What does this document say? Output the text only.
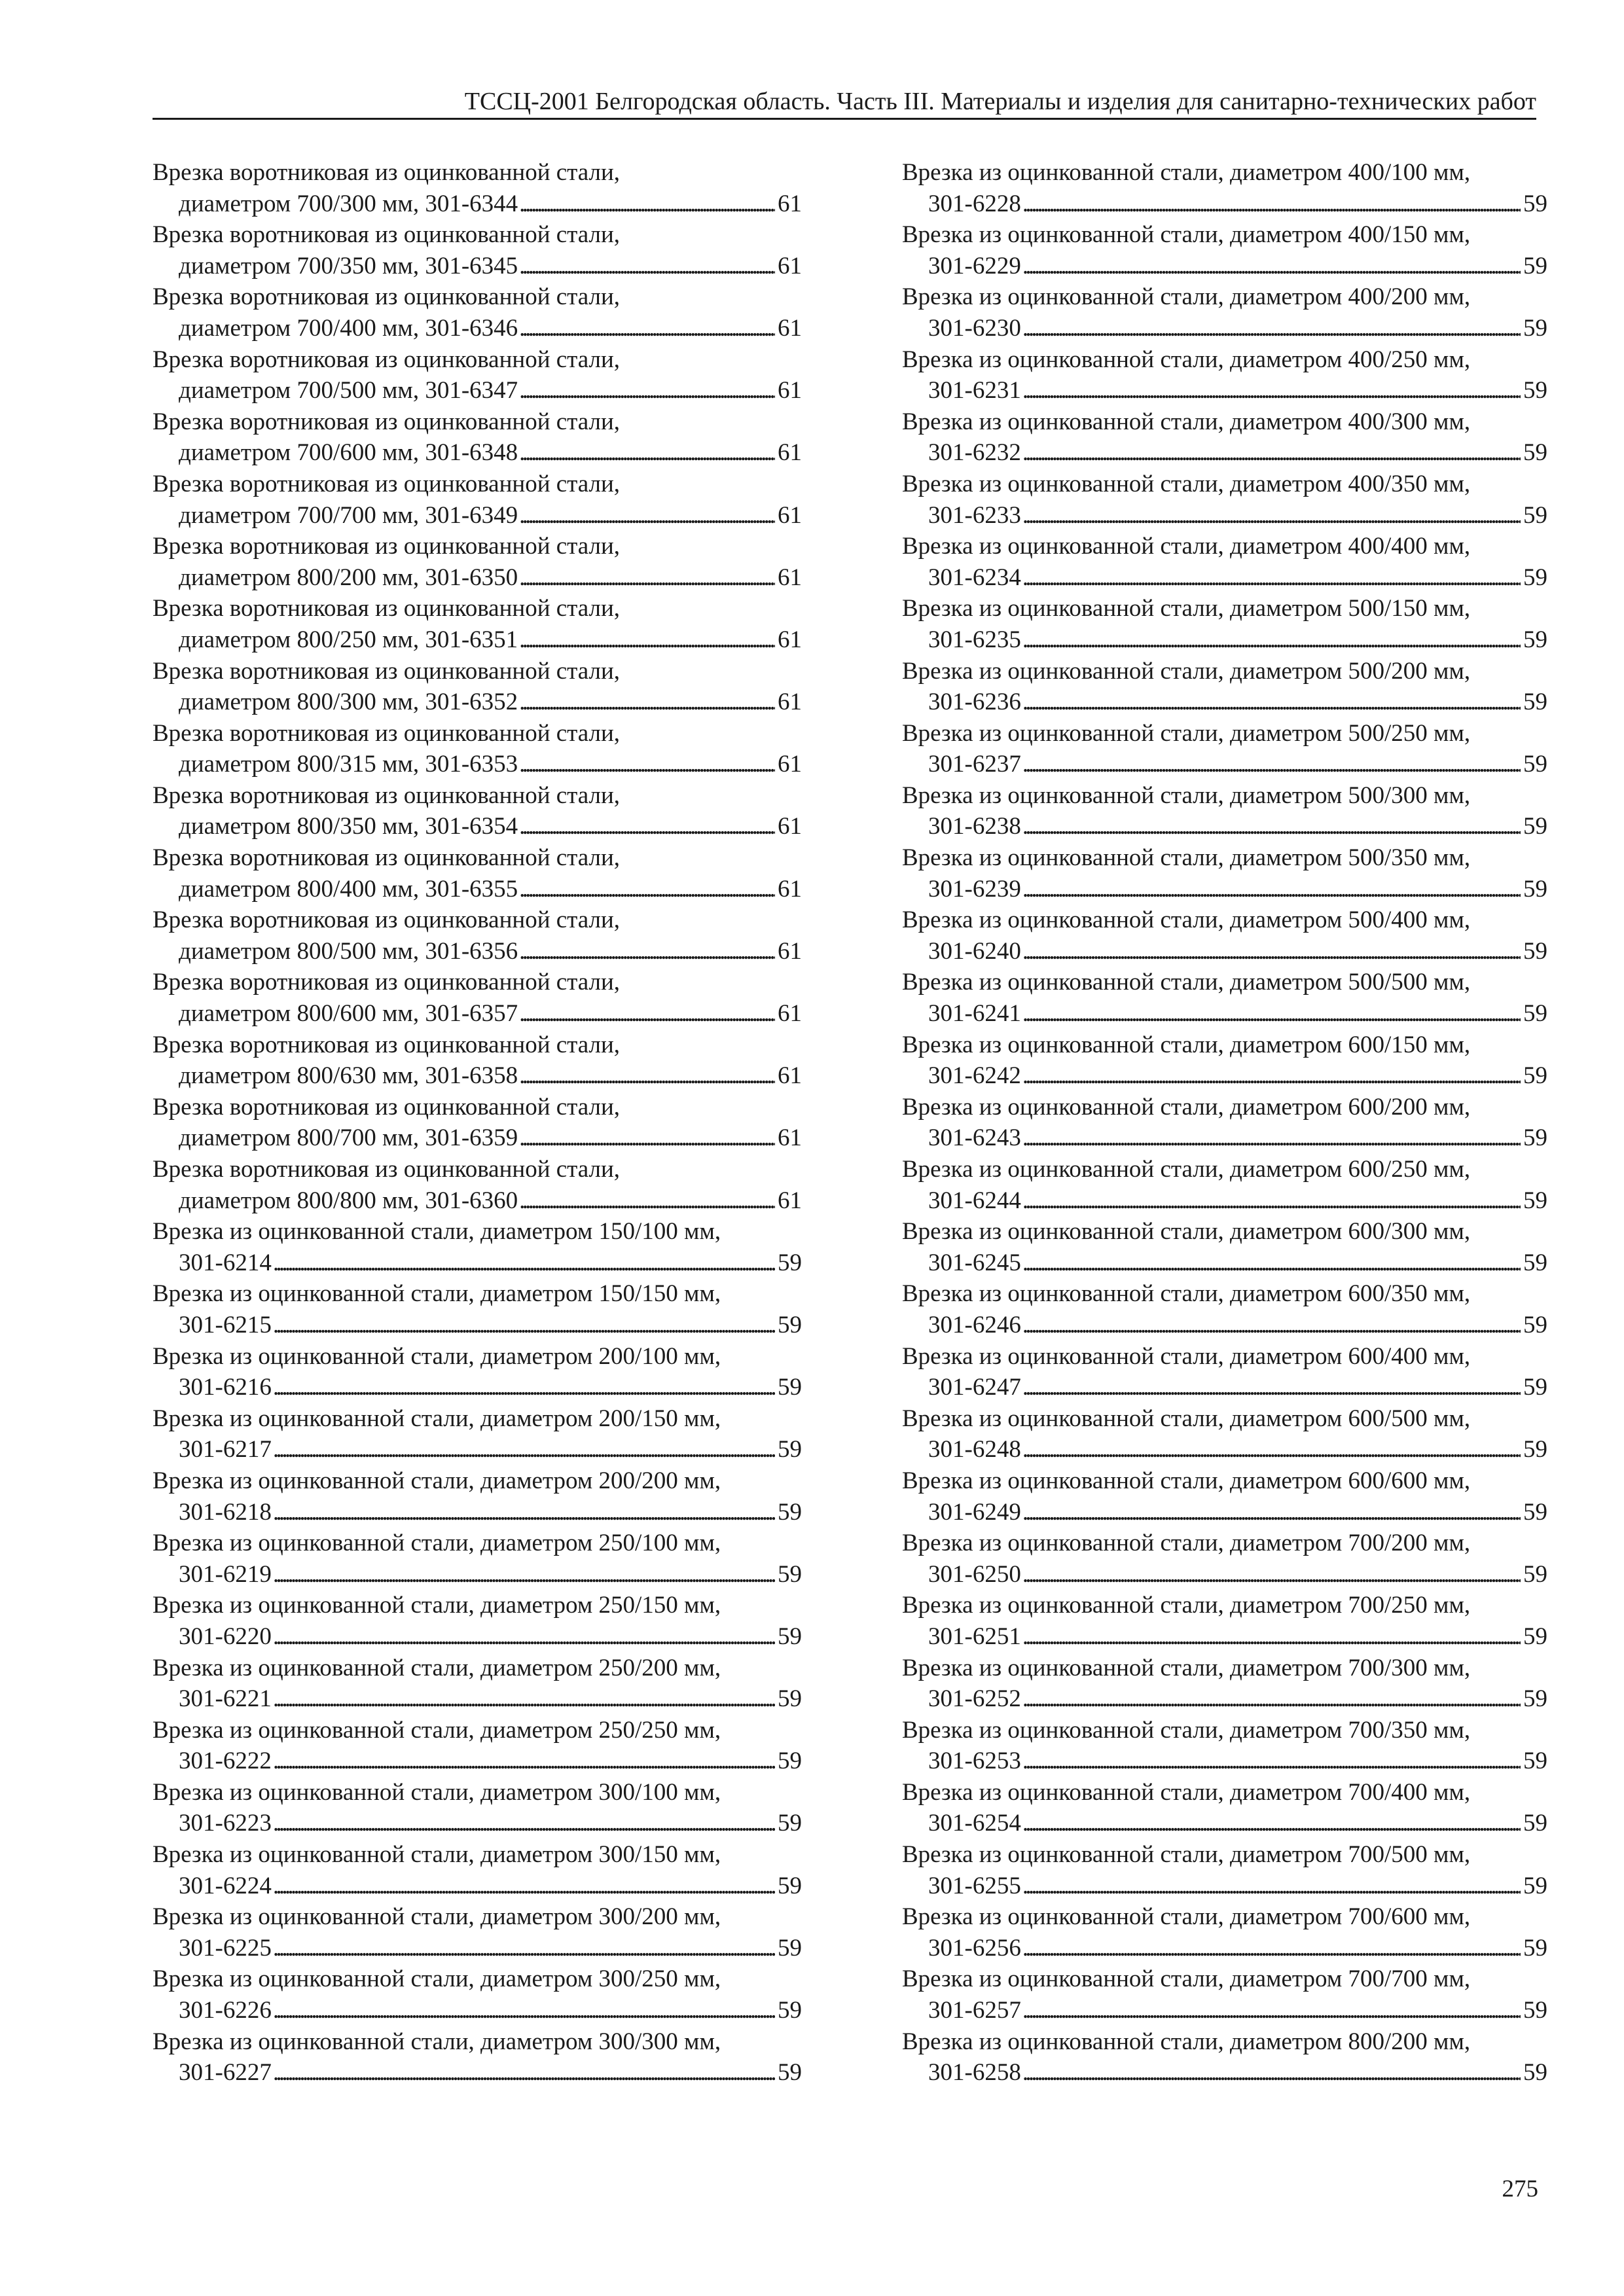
ТССЦ-2001 Белгородская область. Часть III. Материалы и изделия для санитарно-технических работ
Врезка воротниковая из оцинкованной стали,
диаметром 700/300 мм, 301-6344 . . .	61
Врезка воротниковая из оцинкованной стали,
диаметром 700/350 мм, 301-6345 . . .	61
Врезка воротниковая из оцинкованной стали,
диаметром 700/400 мм, 301-6346 . . .	61
Врезка воротниковая из оцинкованной стали,
диаметром 700/500 мм, 301-6347 . . .	61
Врезка воротниковая из оцинкованной стали,
диаметром 700/600 мм, 301-6348 . . .	61
Врезка воротниковая из оцинкованной стали,
диаметром 700/700 мм, 301-6349 . . .	61
Врезка воротниковая из оцинкованной стали,
диаметром 800/200 мм, 301-6350 . . .	61
Врезка воротниковая из оцинкованной стали,
диаметром 800/250 мм, 301-6351 . . .	61
Врезка воротниковая из оцинкованной стали,
диаметром 800/300 мм, 301-6352 . . .	61
Врезка воротниковая из оцинкованной стали,
диаметром 800/315 мм, 301-6353 . . .	61
Врезка воротниковая из оцинкованной стали,
диаметром 800/350 мм, 301-6354 . . .	61
Врезка воротниковая из оцинкованной стали,
диаметром 800/400 мм, 301-6355 . . .	61
Врезка воротниковая из оцинкованной стали,
диаметром 800/500 мм, 301-6356 . . .	61
Врезка воротниковая из оцинкованной стали,
диаметром 800/600 мм, 301-6357 . . .	61
Врезка воротниковая из оцинкованной стали,
диаметром 800/630 мм, 301-6358 . . .	61
Врезка воротниковая из оцинкованной стали,
диаметром 800/700 мм, 301-6359 . . .	61
Врезка воротниковая из оцинкованной стали,
диаметром 800/800 мм, 301-6360 . . .	61
Врезка из оцинкованной стали, диаметром 150/100 мм,
301-6214 . . .	59
Врезка из оцинкованной стали, диаметром 150/150 мм,
301-6215 . . .	59
Врезка из оцинкованной стали, диаметром 200/100 мм,
301-6216 . . .	59
Врезка из оцинкованной стали, диаметром 200/150 мм,
301-6217 . . .	59
Врезка из оцинкованной стали, диаметром 200/200 мм,
301-6218 . . .	59
Врезка из оцинкованной стали, диаметром 250/100 мм,
301-6219 . . .	59
Врезка из оцинкованной стали, диаметром 250/150 мм,
301-6220 . . .	59
Врезка из оцинкованной стали, диаметром 250/200 мм,
301-6221 . . .	59
Врезка из оцинкованной стали, диаметром 250/250 мм,
301-6222 . . .	59
Врезка из оцинкованной стали, диаметром 300/100 мм,
301-6223 . . .	59
Врезка из оцинкованной стали, диаметром 300/150 мм,
301-6224 . . .	59
Врезка из оцинкованной стали, диаметром 300/200 мм,
301-6225 . . .	59
Врезка из оцинкованной стали, диаметром 300/250 мм,
301-6226 . . .	59
Врезка из оцинкованной стали, диаметром 300/300 мм,
301-6227 . . .	59
Врезка из оцинкованной стали, диаметром 400/100 мм,
301-6228 . . .	59
Врезка из оцинкованной стали, диаметром 400/150 мм,
301-6229 . . .	59
Врезка из оцинкованной стали, диаметром 400/200 мм,
301-6230 . . .	59
Врезка из оцинкованной стали, диаметром 400/250 мм,
301-6231 . . .	59
Врезка из оцинкованной стали, диаметром 400/300 мм,
301-6232 . . .	59
Врезка из оцинкованной стали, диаметром 400/350 мм,
301-6233 . . .	59
Врезка из оцинкованной стали, диаметром 400/400 мм,
301-6234 . . .	59
Врезка из оцинкованной стали, диаметром 500/150 мм,
301-6235 . . .	59
Врезка из оцинкованной стали, диаметром 500/200 мм,
301-6236 . . .	59
Врезка из оцинкованной стали, диаметром 500/250 мм,
301-6237 . . .	59
Врезка из оцинкованной стали, диаметром 500/300 мм,
301-6238 . . .	59
Врезка из оцинкованной стали, диаметром 500/350 мм,
301-6239 . . .	59
Врезка из оцинкованной стали, диаметром 500/400 мм,
301-6240 . . .	59
Врезка из оцинкованной стали, диаметром 500/500 мм,
301-6241 . . .	59
Врезка из оцинкованной стали, диаметром 600/150 мм,
301-6242 . . .	59
Врезка из оцинкованной стали, диаметром 600/200 мм,
301-6243 . . .	59
Врезка из оцинкованной стали, диаметром 600/250 мм,
301-6244 . . .	59
Врезка из оцинкованной стали, диаметром 600/300 мм,
301-6245 . . .	59
Врезка из оцинкованной стали, диаметром 600/350 мм,
301-6246 . . .	59
Врезка из оцинкованной стали, диаметром 600/400 мм,
301-6247 . . .	59
Врезка из оцинкованной стали, диаметром 600/500 мм,
301-6248 . . .	59
Врезка из оцинкованной стали, диаметром 600/600 мм,
301-6249 . . .	59
Врезка из оцинкованной стали, диаметром 700/200 мм,
301-6250 . . .	59
Врезка из оцинкованной стали, диаметром 700/250 мм,
301-6251 . . .	59
Врезка из оцинкованной стали, диаметром 700/300 мм,
301-6252 . . .	59
Врезка из оцинкованной стали, диаметром 700/350 мм,
301-6253 . . .	59
Врезка из оцинкованной стали, диаметром 700/400 мм,
301-6254 . . .	59
Врезка из оцинкованной стали, диаметром 700/500 мм,
301-6255 . . .	59
Врезка из оцинкованной стали, диаметром 700/600 мм,
301-6256 . . .	59
Врезка из оцинкованной стали, диаметром 700/700 мм,
301-6257 . . .	59
Врезка из оцинкованной стали, диаметром 800/200 мм,
301-6258 . . .	59
275
